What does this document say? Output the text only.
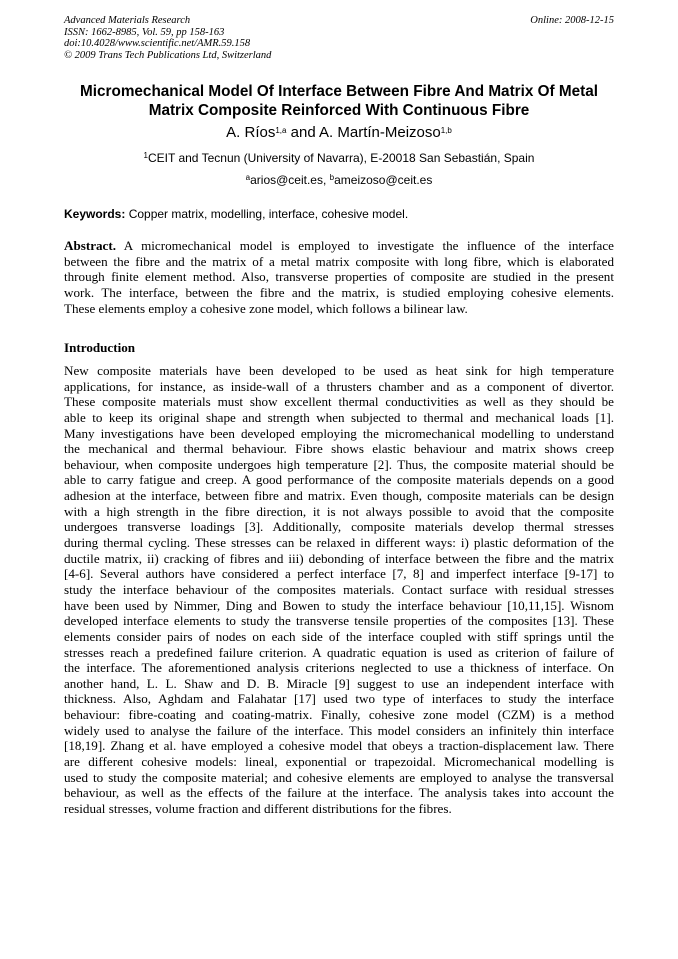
Advanced Materials Research
ISSN: 1662-8985, Vol. 59, pp 158-163
doi:10.4028/www.scientific.net/AMR.59.158
© 2009 Trans Tech Publications Ltd, Switzerland
Online: 2008-12-15
Micromechanical Model Of Interface Between Fibre And Matrix Of Metal
Matrix Composite Reinforced With Continuous Fibre
A. Ríos$^{1,a}$ and A. Martín-Meizoso$^{1,b}$
$^1$CEIT and Tecnun (University of Navarra), E-20018 San Sebastián, Spain
$^a$arios@ceit.es, $^b$ameizoso@ceit.es
Keywords: Copper matrix, modelling, interface, cohesive model.
Abstract. A micromechanical model is employed to investigate the influence of the interface
between the fibre and the matrix of a metal matrix composite with long fibre, which is elaborated
through finite element method. Also, transverse properties of composite are studied in the present
work. The interface, between the fibre and the matrix, is studied employing cohesive elements.
These elements employ a cohesive zone model, which follows a bilinear law.
Introduction
New composite materials have been developed to be used as heat sink for high temperature
applications, for instance, as inside-wall of a thrusters chamber and as a component of divertor.
These composite materials must show excellent thermal conductivities as well as they should be
able to keep its original shape and strength when subjected to thermal and mechanical loads [1].
Many investigations have been developed employing the micromechanical modelling to understand
the mechanical and thermal behaviour. Fibre shows elastic behaviour and matrix shows creep
behaviour, when composite undergoes high temperature [2]. Thus, the composite material should be
able to carry fatigue and creep. A good performance of the composite materials depends on a good
adhesion at the interface, between fibre and matrix. Even though, composite materials can be design
with a high strength in the fibre direction, it is not always possible to avoid that the composite
undergoes transverse loadings [3]. Additionally, composite materials develop thermal stresses
during thermal cycling. These stresses can be relaxed in different ways: i) plastic deformation of the
ductile matrix, ii) cracking of fibres and iii) debonding of interface between the fibre and the matrix
[4-6]. Several authors have considered a perfect interface [7, 8] and imperfect interface [9-17] to
study the interface behaviour of the composites materials. Contact surface with residual stresses
have been used by Nimmer, Ding and Bowen to study the interface behaviour [10,11,15]. Wisnom
developed interface elements to study the transverse tensile properties of the composites [13]. These
elements consider pairs of nodes on each side of the interface coupled with stiff springs until the
stresses reach a predefined failure criterion. A quadratic equation is used as criterion of failure of
the interface. The aforementioned analysis criterions neglected to use a thickness of interface. On
another hand, L. L. Shaw and D. B. Miracle [9] suggest to use an independent interface with
thickness. Also, Aghdam and Falahatar [17] used two type of interfaces to study the interface
behaviour: fibre-coating and coating-matrix. Finally, cohesive zone model (CZM) is a method
widely used to analyse the failure of the interface. This model considers an infinitely thin interface
[18,19]. Zhang et al. have employed a cohesive model that obeys a traction-displacement law. There
are different cohesive models: lineal, exponential or trapezoidal. Micromechanical modelling is
used to study the composite material; and cohesive elements are employed to analyse the transversal
behaviour, as well as the effects of the failure at the interface. The analysis takes into account the
residual stresses, volume fraction and different distributions for the fibres.
